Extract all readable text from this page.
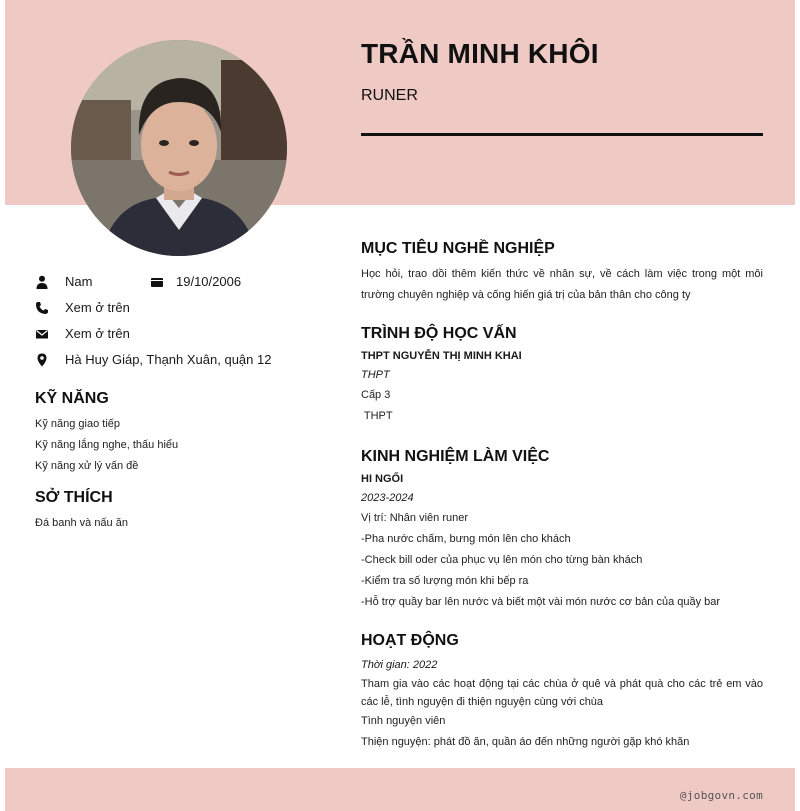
TRẦN MINH KHÔI
RUNER
Nam	19/10/2006
Xem ở trên
Xem ở trên
Hà Huy Giáp, Thạnh Xuân, quận 12
KỸ NĂNG
Kỹ năng giao tiếp
Kỹ năng lắng nghe, thấu hiểu
Kỹ năng xử lý vấn đề
SỞ THÍCH
Đá banh và nấu ăn
MỤC TIÊU NGHỀ NGHIỆP
Học hỏi, trao dồi thêm kiến thức về nhân sự, về cách làm việc trong một môi trường chuyên nghiệp và cống hiến giá trị của bản thân cho công ty
TRÌNH ĐỘ HỌC VẤN
THPT NGUYỄN THỊ MINH KHAI
THPT
Cấp 3
THPT
KINH NGHIỆM LÀM VIỆC
HI NGỐI
2023-2024
Vị trí: Nhân viên runer
-Pha nước chấm, bưng món lên cho khách
-Check bill oder của phục vụ lên món cho từng bàn khách
-Kiểm tra số lượng món khi bếp ra
-Hỗ trợ quầy bar lên nước và biết một vài món nước cơ bản của quầy bar
HOẠT ĐỘNG
Thời gian: 2022
Tham gia vào các hoạt động tại các chùa ở quê và phát quà cho các trẻ em vào các lễ, tình nguyện đi thiện nguyện cùng với chùa
Tình nguyện viên
Thiện nguyện: phát đồ ăn, quần áo đến những người gặp khó khăn
@jobgovn.com
